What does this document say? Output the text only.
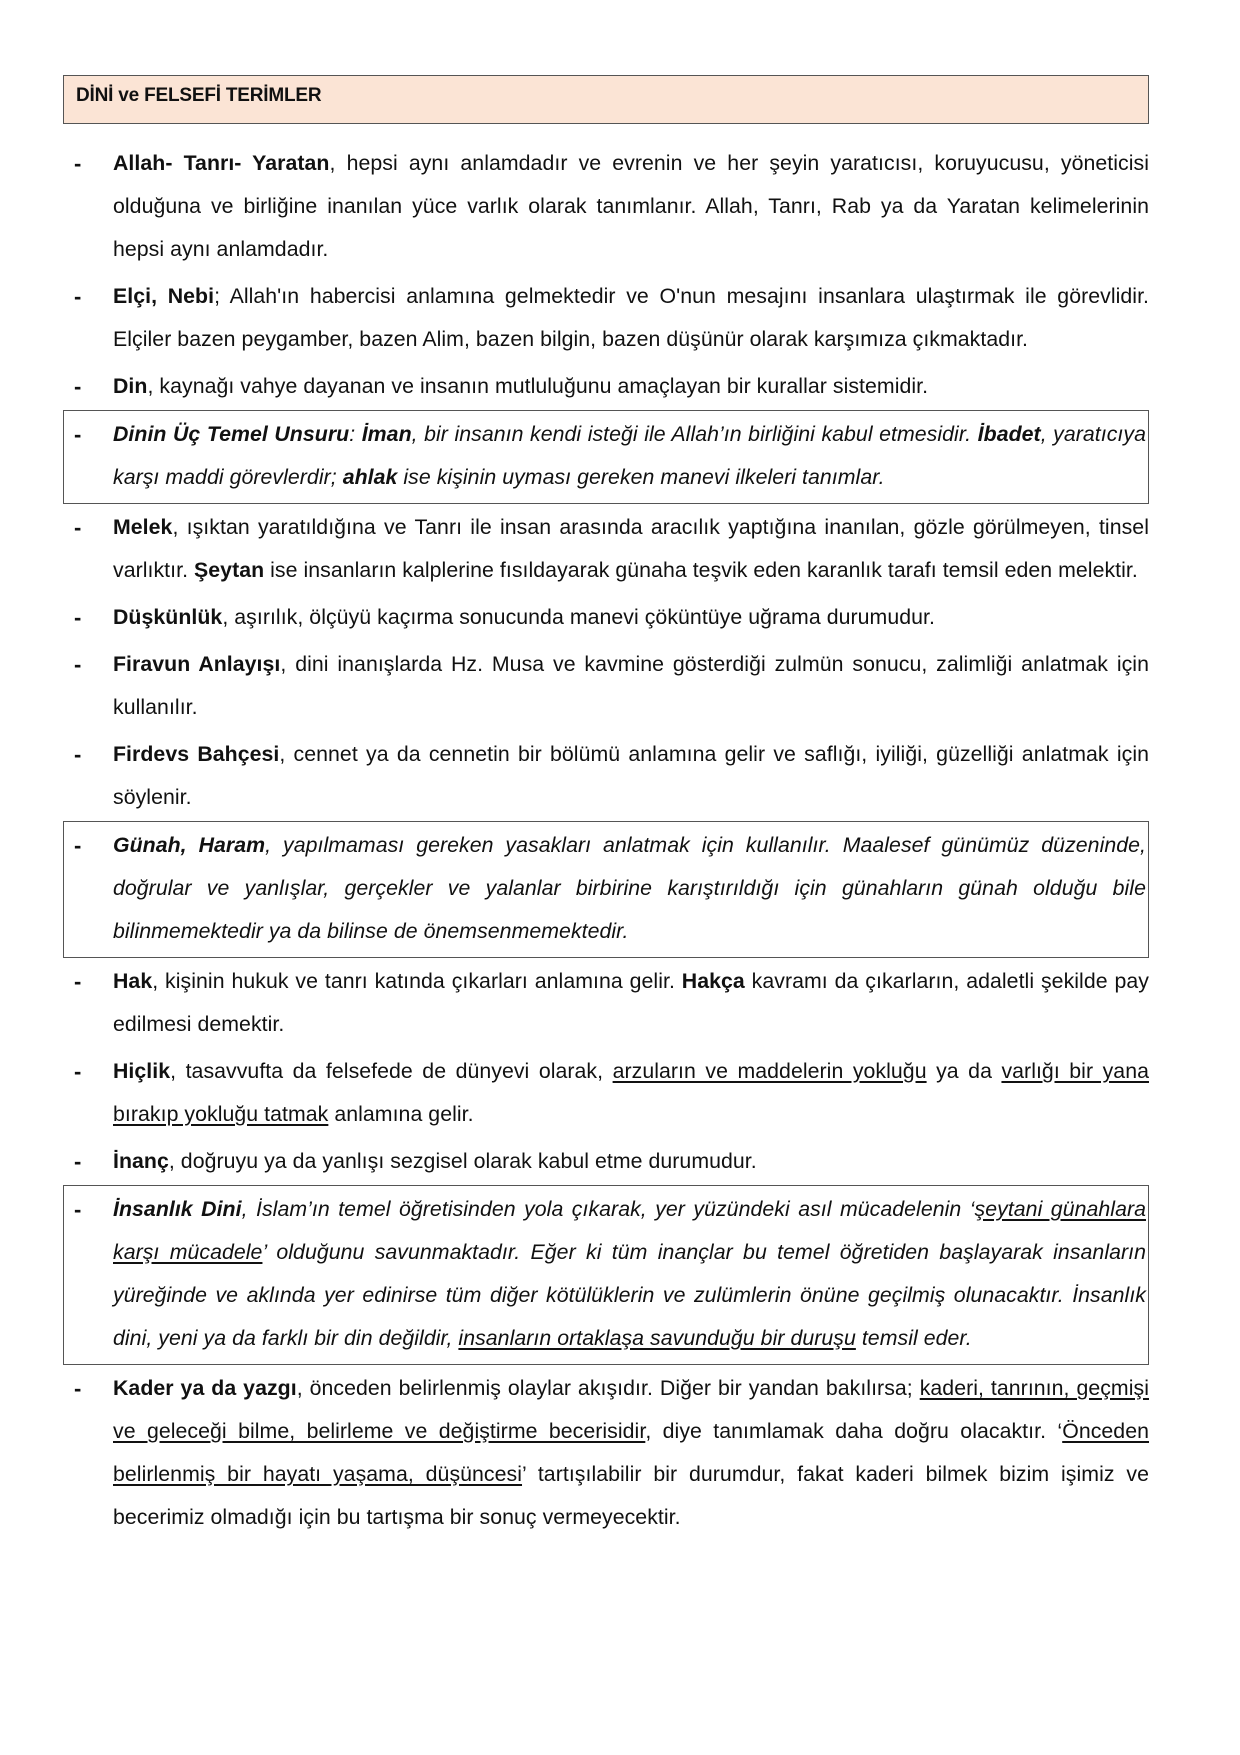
DİNİ ve FELSEFİ TERİMLER
- Allah- Tanrı- Yaratan, hepsi aynı anlamdadır ve evrenin ve her şeyin yaratıcısı, koruyucusu, yöneticisi olduğuna ve birliğine inanılan yüce varlık olarak tanımlanır. Allah, Tanrı, Rab ya da Yaratan kelimelerinin hepsi aynı anlamdadır.
- Elçi, Nebi; Allah'ın habercisi anlamına gelmektedir ve O'nun mesajını insanlara ulaştırmak ile görevlidir. Elçiler bazen peygamber, bazen Alim, bazen bilgin, bazen düşünür olarak karşımıza çıkmaktadır.
- Din, kaynağı vahye dayanan ve insanın mutluluğunu amaçlayan bir kurallar sistemidir.
- Dinin Üç Temel Unsuru: İman, bir insanın kendi isteği ile Allah’ın birliğini kabul etmesidir. İbadet, yaratıcıya karşı maddi görevlerdir; ahlak ise kişinin uyması gereken manevi ilkeleri tanımlar.
- Melek, ışıktan yaratıldığına ve Tanrı ile insan arasında aracılık yaptığına inanılan, gözle görülmeyen, tinsel varlıktır. Şeytan ise insanların kalplerine fısıldayarak günaha teşvik eden karanlık tarafı temsil eden melektir.
- Düşkünlük, aşırılık, ölçüyü kaçırma sonucunda manevi çöküntüye uğrama durumudur.
- Firavun Anlayışı, dini inanışlarda Hz. Musa ve kavmine gösterdiği zulmün sonucu, zalimliği anlatmak için kullanılır.
- Firdevs Bahçesi, cennet ya da cennetin bir bölümü anlamına gelir ve saflığı, iyiliği, güzelliği anlatmak için söylenir.
- Günah, Haram, yapılmaması gereken yasakları anlatmak için kullanılır. Maalesef günümüz düzeninde, doğrular ve yanlışlar, gerçekler ve yalanlar birbirine karıştırıldığı için günahların günah olduğu bile bilinmemektedir ya da bilinse de önemsenmemektedir.
- Hak, kişinin hukuk ve tanrı katında çıkarları anlamına gelir. Hakça kavramı da çıkarların, adaletli şekilde pay edilmesi demektir.
- Hiçlik, tasavvufta da felsefede de dünyevi olarak, arzuların ve maddelerin yokluğu ya da varlığı bir yana bırakıp yokluğu tatmak anlamına gelir.
- İnanç, doğruyu ya da yanlışı sezgisel olarak kabul etme durumudur.
- İnsanlık Dini, İslam’ın temel öğretisinden yola çıkarak, yer yüzündeki asıl mücadelenin ‘şeytani günahlara karşı mücadele’ olduğunu savunmaktadır. Eğer ki tüm inançlar bu temel öğretiden başlayarak insanların yüreğinde ve aklında yer edinirse tüm diğer kötülüklerin ve zulümlerin önüne geçilmiş olunacaktır. İnsanlık dini, yeni ya da farklı bir din değildir, insanların ortaklaşa savunduğu bir duruşu temsil eder.
- Kader ya da yazgı, önceden belirlenmiş olaylar akışıdır. Diğer bir yandan bakılırsa; kaderi, tanrının, geçmişi ve geleceği bilme, belirleme ve değiştirme becerisidir, diye tanımlamak daha doğru olacaktır. ‘Önceden belirlenmiş bir hayatı yaşama, düşüncesi’ tartışılabilir bir durumdur, fakat kaderi bilmek bizim işimiz ve becerimiz olmadığı için bu tartışma bir sonuç vermeyecektir.
